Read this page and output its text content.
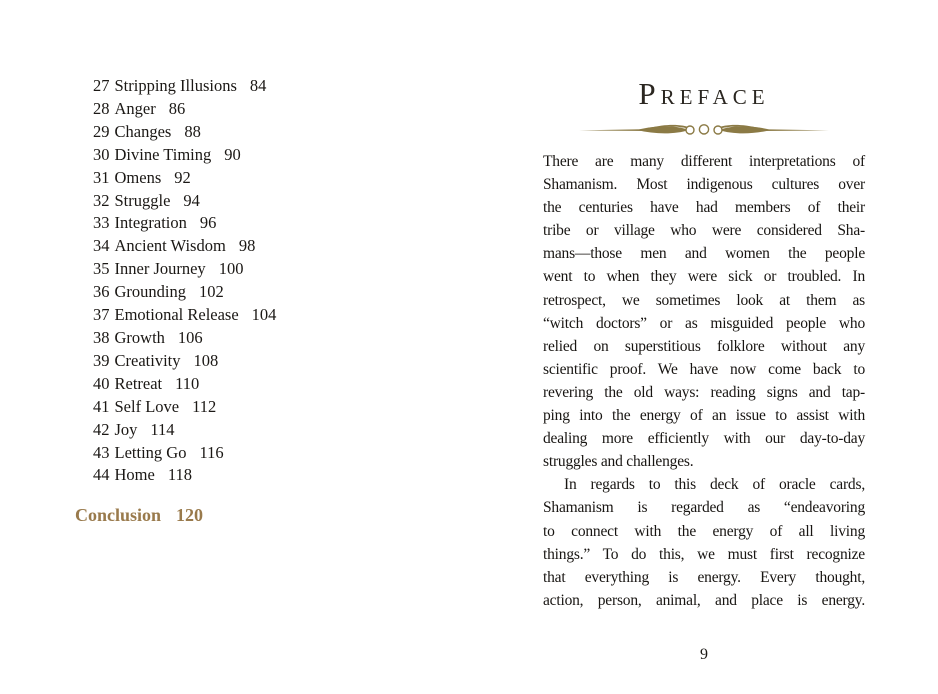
27 Stripping Illusions 84
28 Anger 86
29 Changes 88
30 Divine Timing 90
31 Omens 92
32 Struggle 94
33 Integration 96
34 Ancient Wisdom 98
35 Inner Journey 100
36 Grounding 102
37 Emotional Release 104
38 Growth 106
39 Creativity 108
40 Retreat 110
41 Self Love 112
42 Joy 114
43 Letting Go 116
44 Home 118
Conclusion 120
PREFACE
There are many different interpretations of
Shamanism. Most indigenous cultures over
the centuries have had members of their
tribe or village who were considered Sha-
mans—those men and women the people
went to when they were sick or troubled. In
retrospect, we sometimes look at them as
“witch doctors” or as misguided people who
relied on superstitious folklore without any
scientific proof. We have now come back to
revering the old ways: reading signs and tap-
ping into the energy of an issue to assist with
dealing more efficiently with our day-to-day
struggles and challenges.
In regards to this deck of oracle cards,
Shamanism is regarded as “endeavoring
to connect with the energy of all living
things.” To do this, we must first recognize
that everything is energy. Every thought,
action, person, animal, and place is energy.
9
